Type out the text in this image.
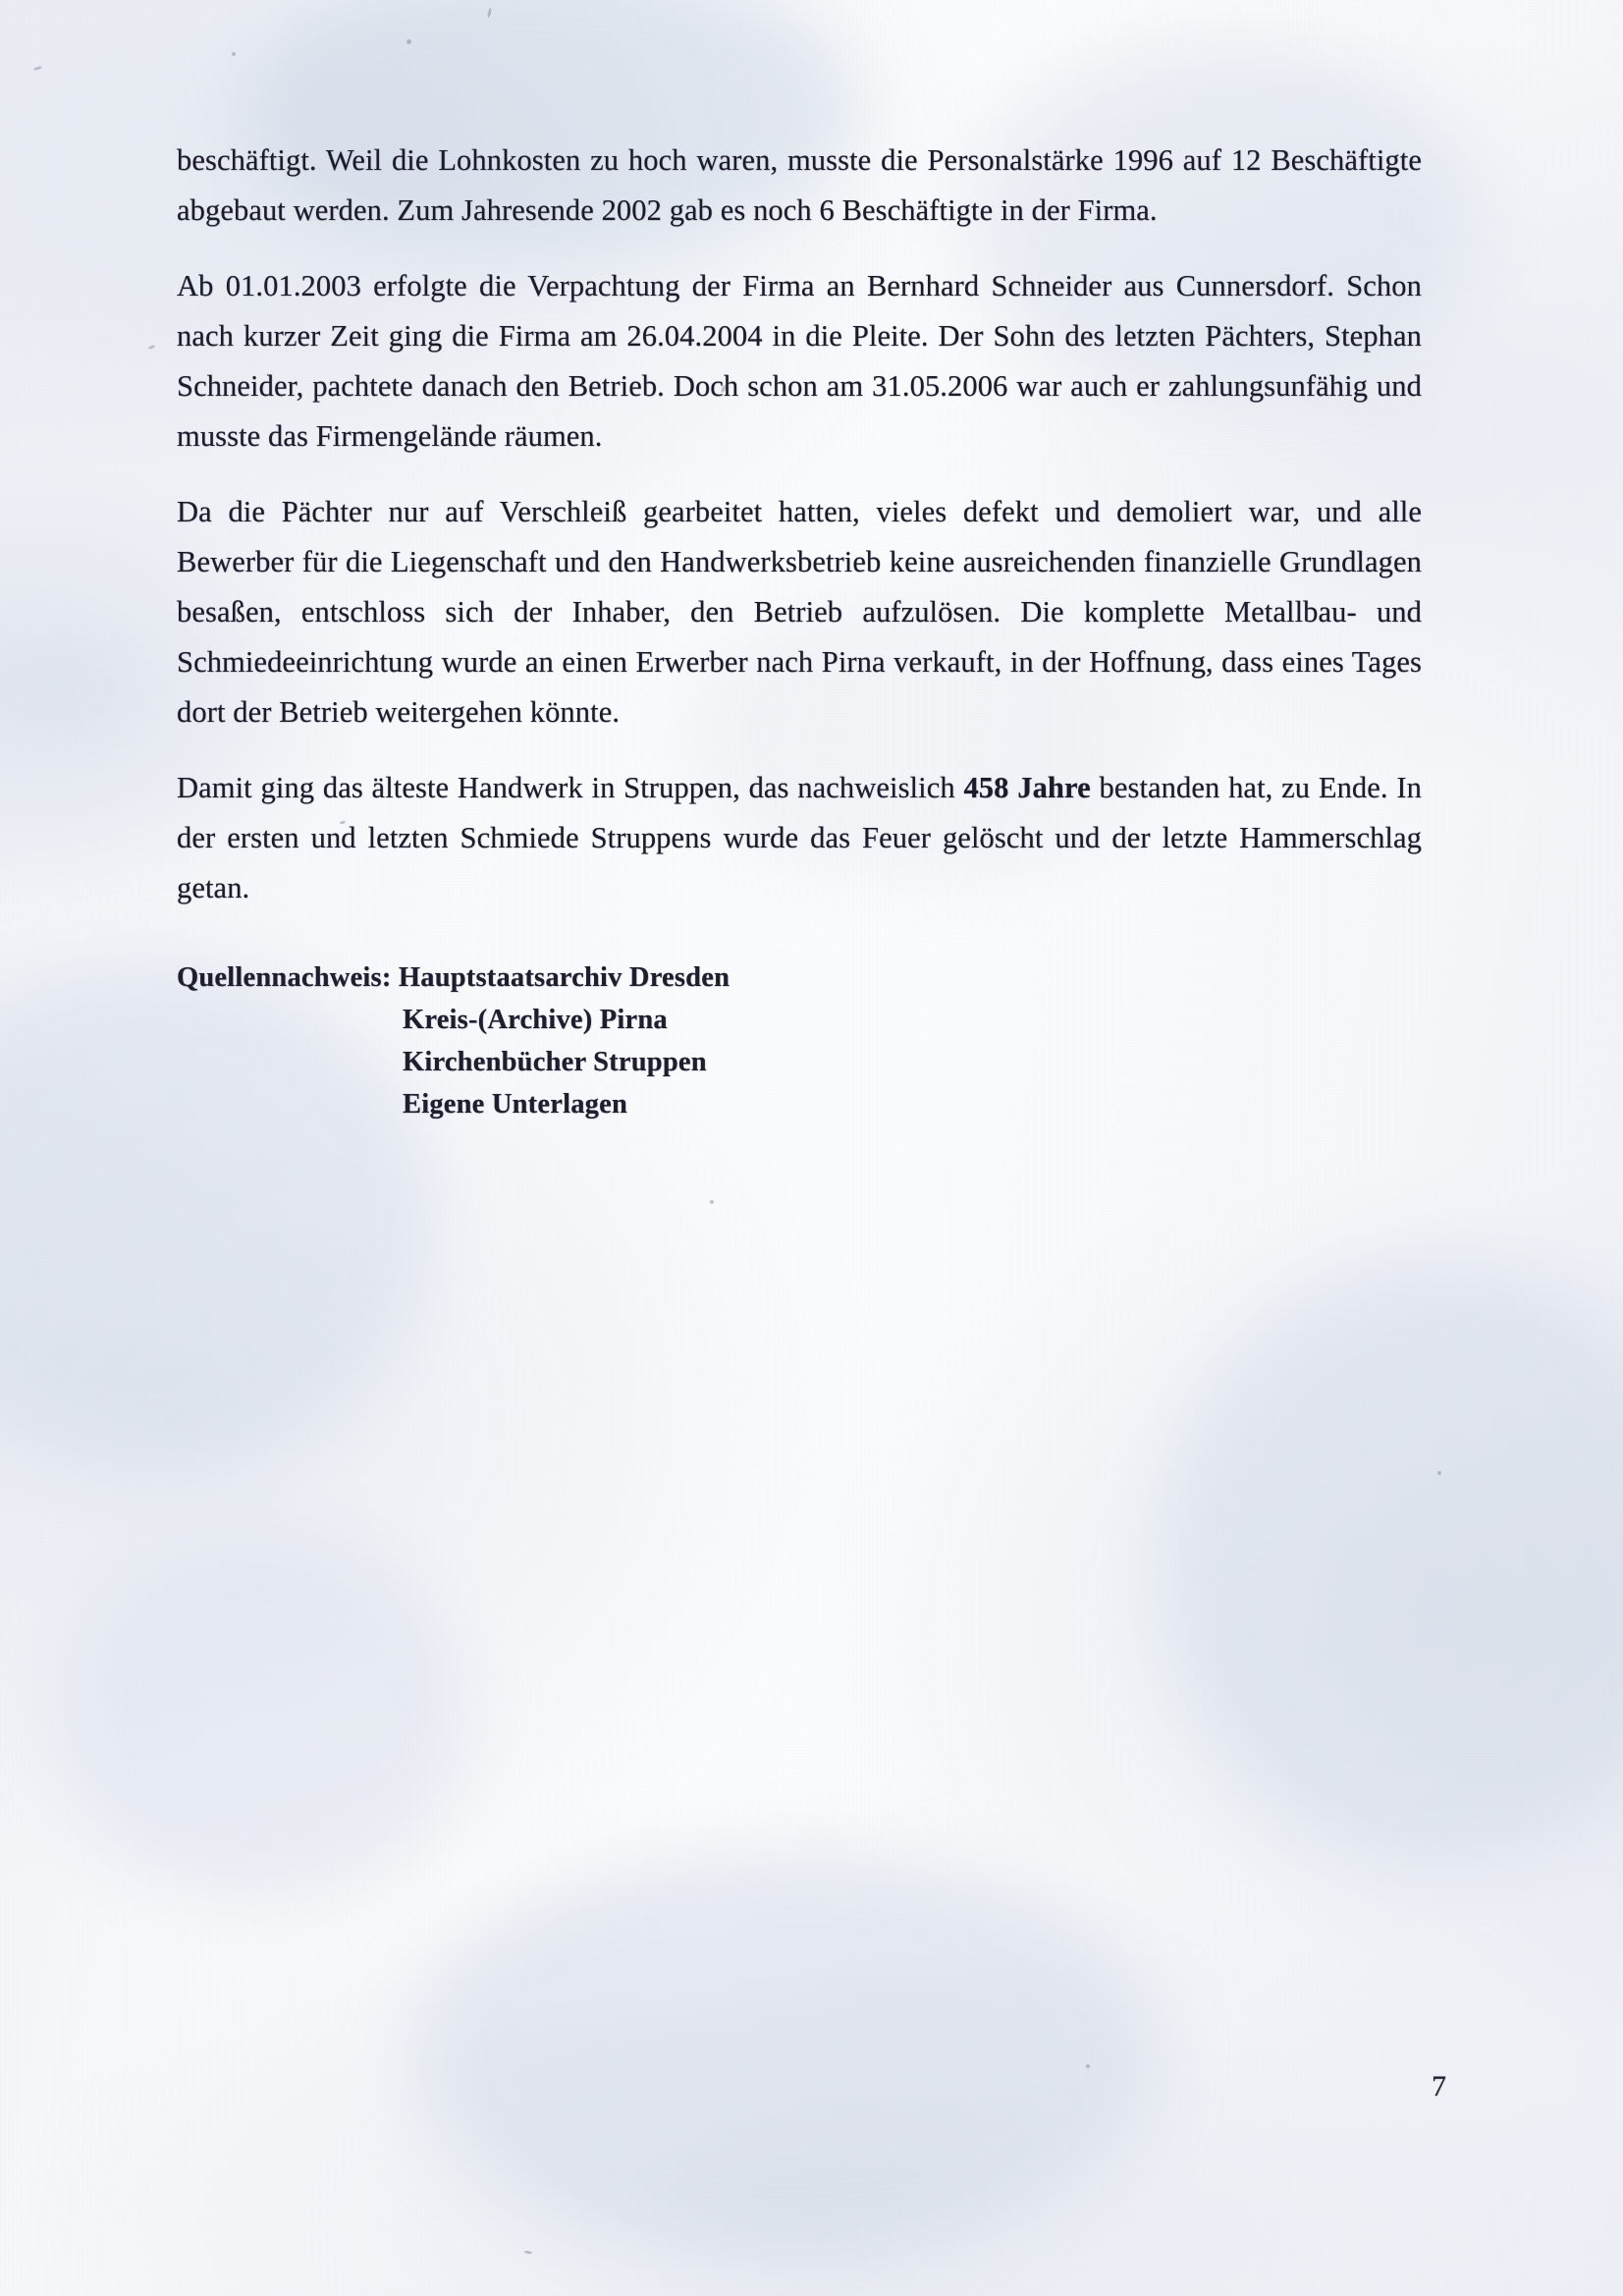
beschäftigt. Weil die Lohnkosten zu hoch waren, musste die Personalstärke 1996 auf 12 Beschäftigte abgebaut werden. Zum Jahresende 2002 gab es noch 6 Beschäftigte in der Firma.

Ab 01.01.2003 erfolgte die Verpachtung der Firma an Bernhard Schneider aus Cunnersdorf. Schon nach kurzer Zeit ging die Firma am 26.04.2004 in die Pleite. Der Sohn des letzten Pächters, Stephan Schneider, pachtete danach den Betrieb. Doch schon am 31.05.2006 war auch er zahlungsunfähig und musste das Firmengelände räumen.

Da die Pächter nur auf Verschleiß gearbeitet hatten, vieles defekt und demoliert war, und alle Bewerber für die Liegenschaft und den Handwerksbetrieb keine ausreichenden finanzielle Grundlagen besaßen, entschloss sich der Inhaber, den Betrieb aufzulösen. Die komplette Metallbau- und Schmiedeeinrichtung wurde an einen Erwerber nach Pirna verkauft, in der Hoffnung, dass eines Tages dort der Betrieb weitergehen könnte.

Damit ging das älteste Handwerk in Struppen, das nachweislich 458 Jahre bestanden hat, zu Ende. In der ersten und letzten Schmiede Struppens wurde das Feuer gelöscht und der letzte Hammerschlag getan.

Quellennachweis: Hauptstaatsarchiv Dresden
Kreis-(Archive) Pirna
Kirchenbücher Struppen
Eigene Unterlagen
7
